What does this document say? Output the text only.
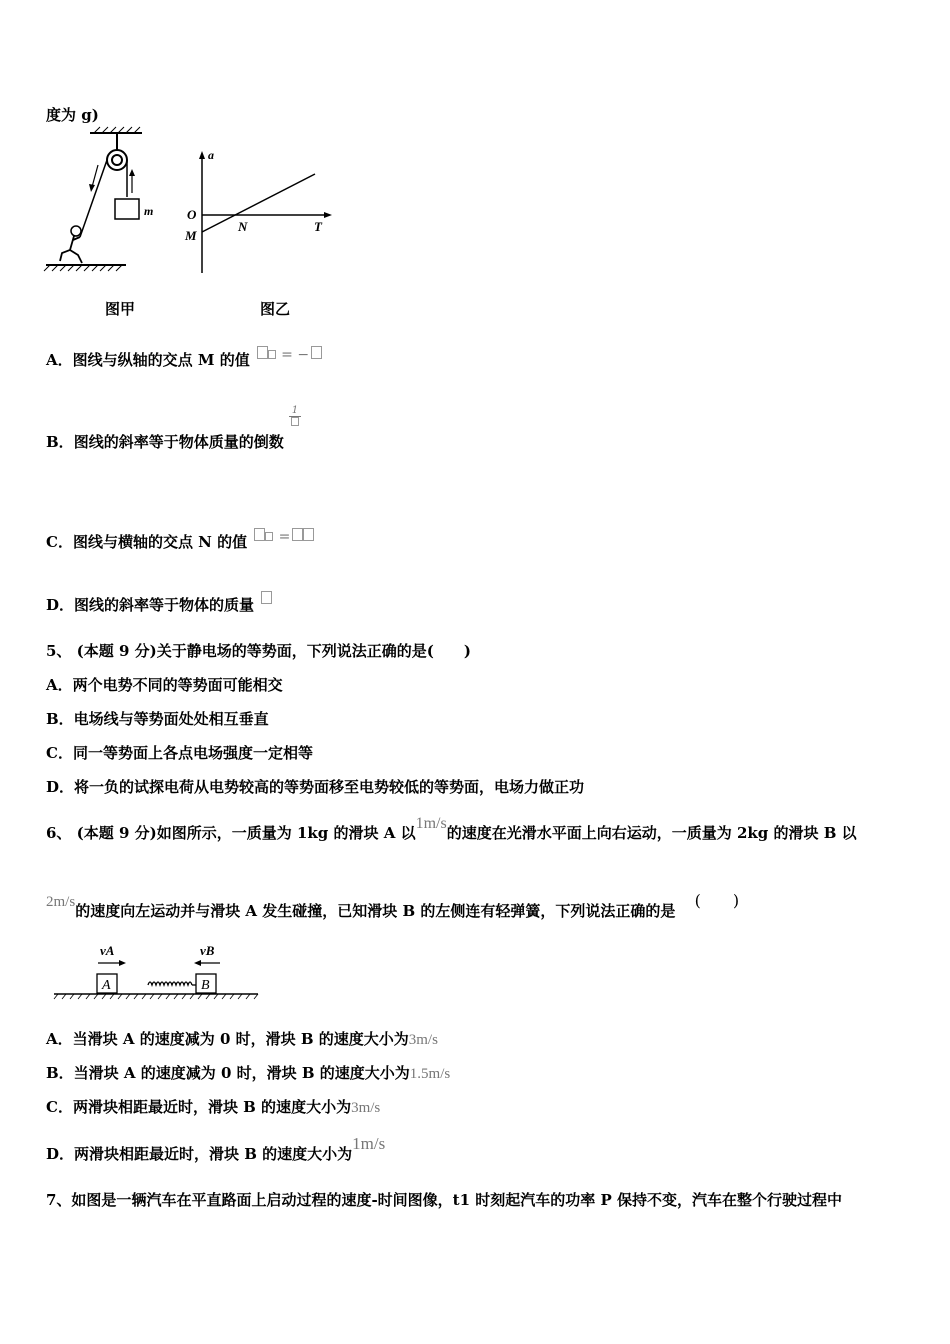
度为 g)
m
a
T
O
M
N
图甲	图乙
A．图线与纵轴的交点 M 的值 = −
B．图线的斜率等于物体质量的倒数
1
C．图线与横轴的交点 N 的值 =
D．图线的斜率等于物体的质量
5、 (本题 9 分)关于静电场的等势面，下列说法正确的是(　　)
A．两个电势不同的等势面可能相交
B．电场线与等势面处处相互垂直
C．同一等势面上各点电场强度一定相等
D．将一负的试探电荷从电势较高的等势面移至电势较低的等势面，电场力做正功
6、 (本题 9 分)如图所示，一质量为 1kg 的滑块 A 以1m/s的速度在光滑水平面上向右运动，一质量为 2kg 的滑块 B 以
2m/s的速度向左运动并与滑块 A 发生碰撞，已知滑块 B 的左侧连有轻弹簧，下列说法正确的是 (　　)
vA	vB
A	B
A．当滑块 A 的速度减为 0 时，滑块 B 的速度大小为3m/s
B．当滑块 A 的速度减为 0 时，滑块 B 的速度大小为1.5m/s
C．两滑块相距最近时，滑块 B 的速度大小为3m/s
D．两滑块相距最近时，滑块 B 的速度大小为1m/s
7、如图是一辆汽车在平直路面上启动过程的速度-时间图像，t1 时刻起汽车的功率 P 保持不变，汽车在整个行驶过程中
